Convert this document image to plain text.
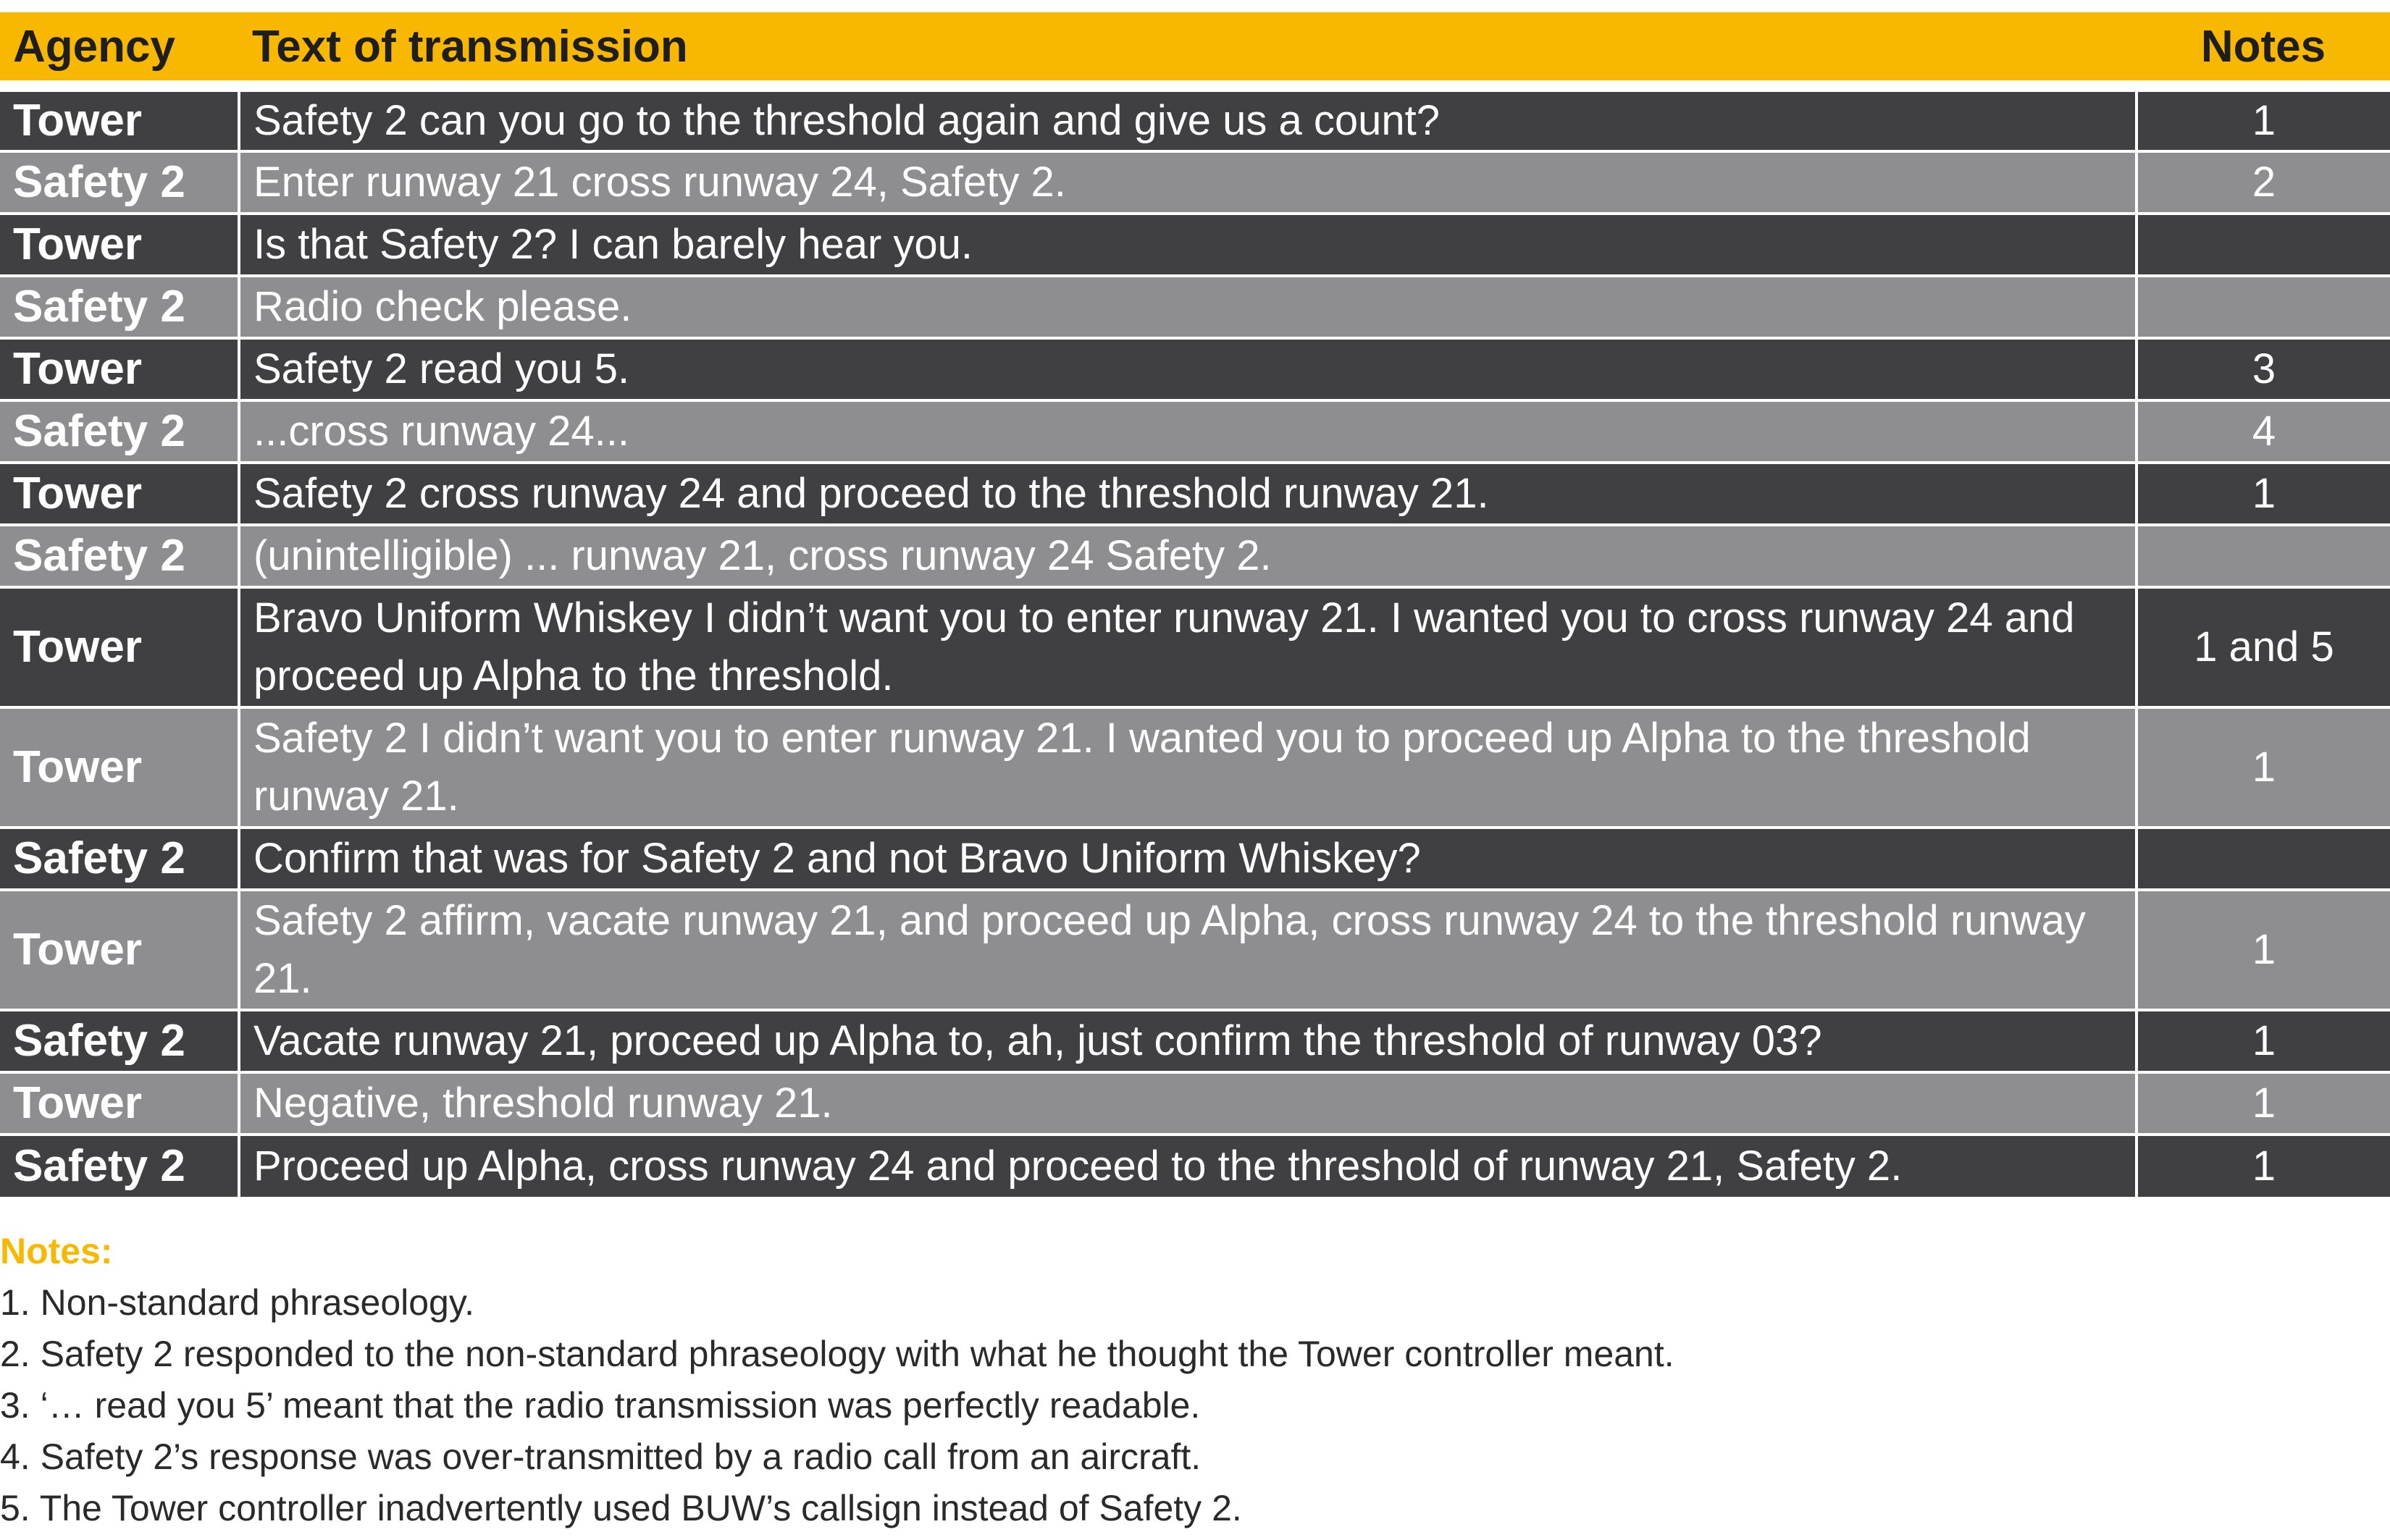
Agency	Text of transmission	Notes
Tower	Safety 2 can you go to the threshold again and give us a count?	1
Safety 2	Enter runway 21 cross runway 24, Safety 2.	2
Tower	Is that Safety 2? I can barely hear you.	
Safety 2	Radio check please.	
Tower	Safety 2 read you 5.	3
Safety 2	...cross runway 24...	4
Tower	Safety 2 cross runway 24 and proceed to the threshold runway 21.	1
Safety 2	(unintelligible) ... runway 21, cross runway 24 Safety 2.	
Tower	Bravo Uniform Whiskey I didn’t want you to enter runway 21. I wanted you to cross runway 24 and proceed up Alpha to the threshold.	1 and 5
Tower	Safety 2 I didn’t want you to enter runway 21. I wanted you to proceed up Alpha to the threshold runway 21.	1
Safety 2	Confirm that was for Safety 2 and not Bravo Uniform Whiskey?	
Tower	Safety 2 affirm, vacate runway 21, and proceed up Alpha, cross runway 24 to the threshold runway 21.	1
Safety 2	Vacate runway 21, proceed up Alpha to, ah, just confirm the threshold of runway 03?	1
Tower	Negative, threshold runway 21.	1
Safety 2	Proceed up Alpha, cross runway 24 and proceed to the threshold of runway 21, Safety 2.	1

Notes:

1. Non-standard phraseology.
2. Safety 2 responded to the non-standard phraseology with what he thought the Tower controller meant.
3. ‘… read you 5’ meant that the radio transmission was perfectly readable.
4. Safety 2’s response was over-transmitted by a radio call from an aircraft.
5. The Tower controller inadvertently used BUW’s callsign instead of Safety 2.
